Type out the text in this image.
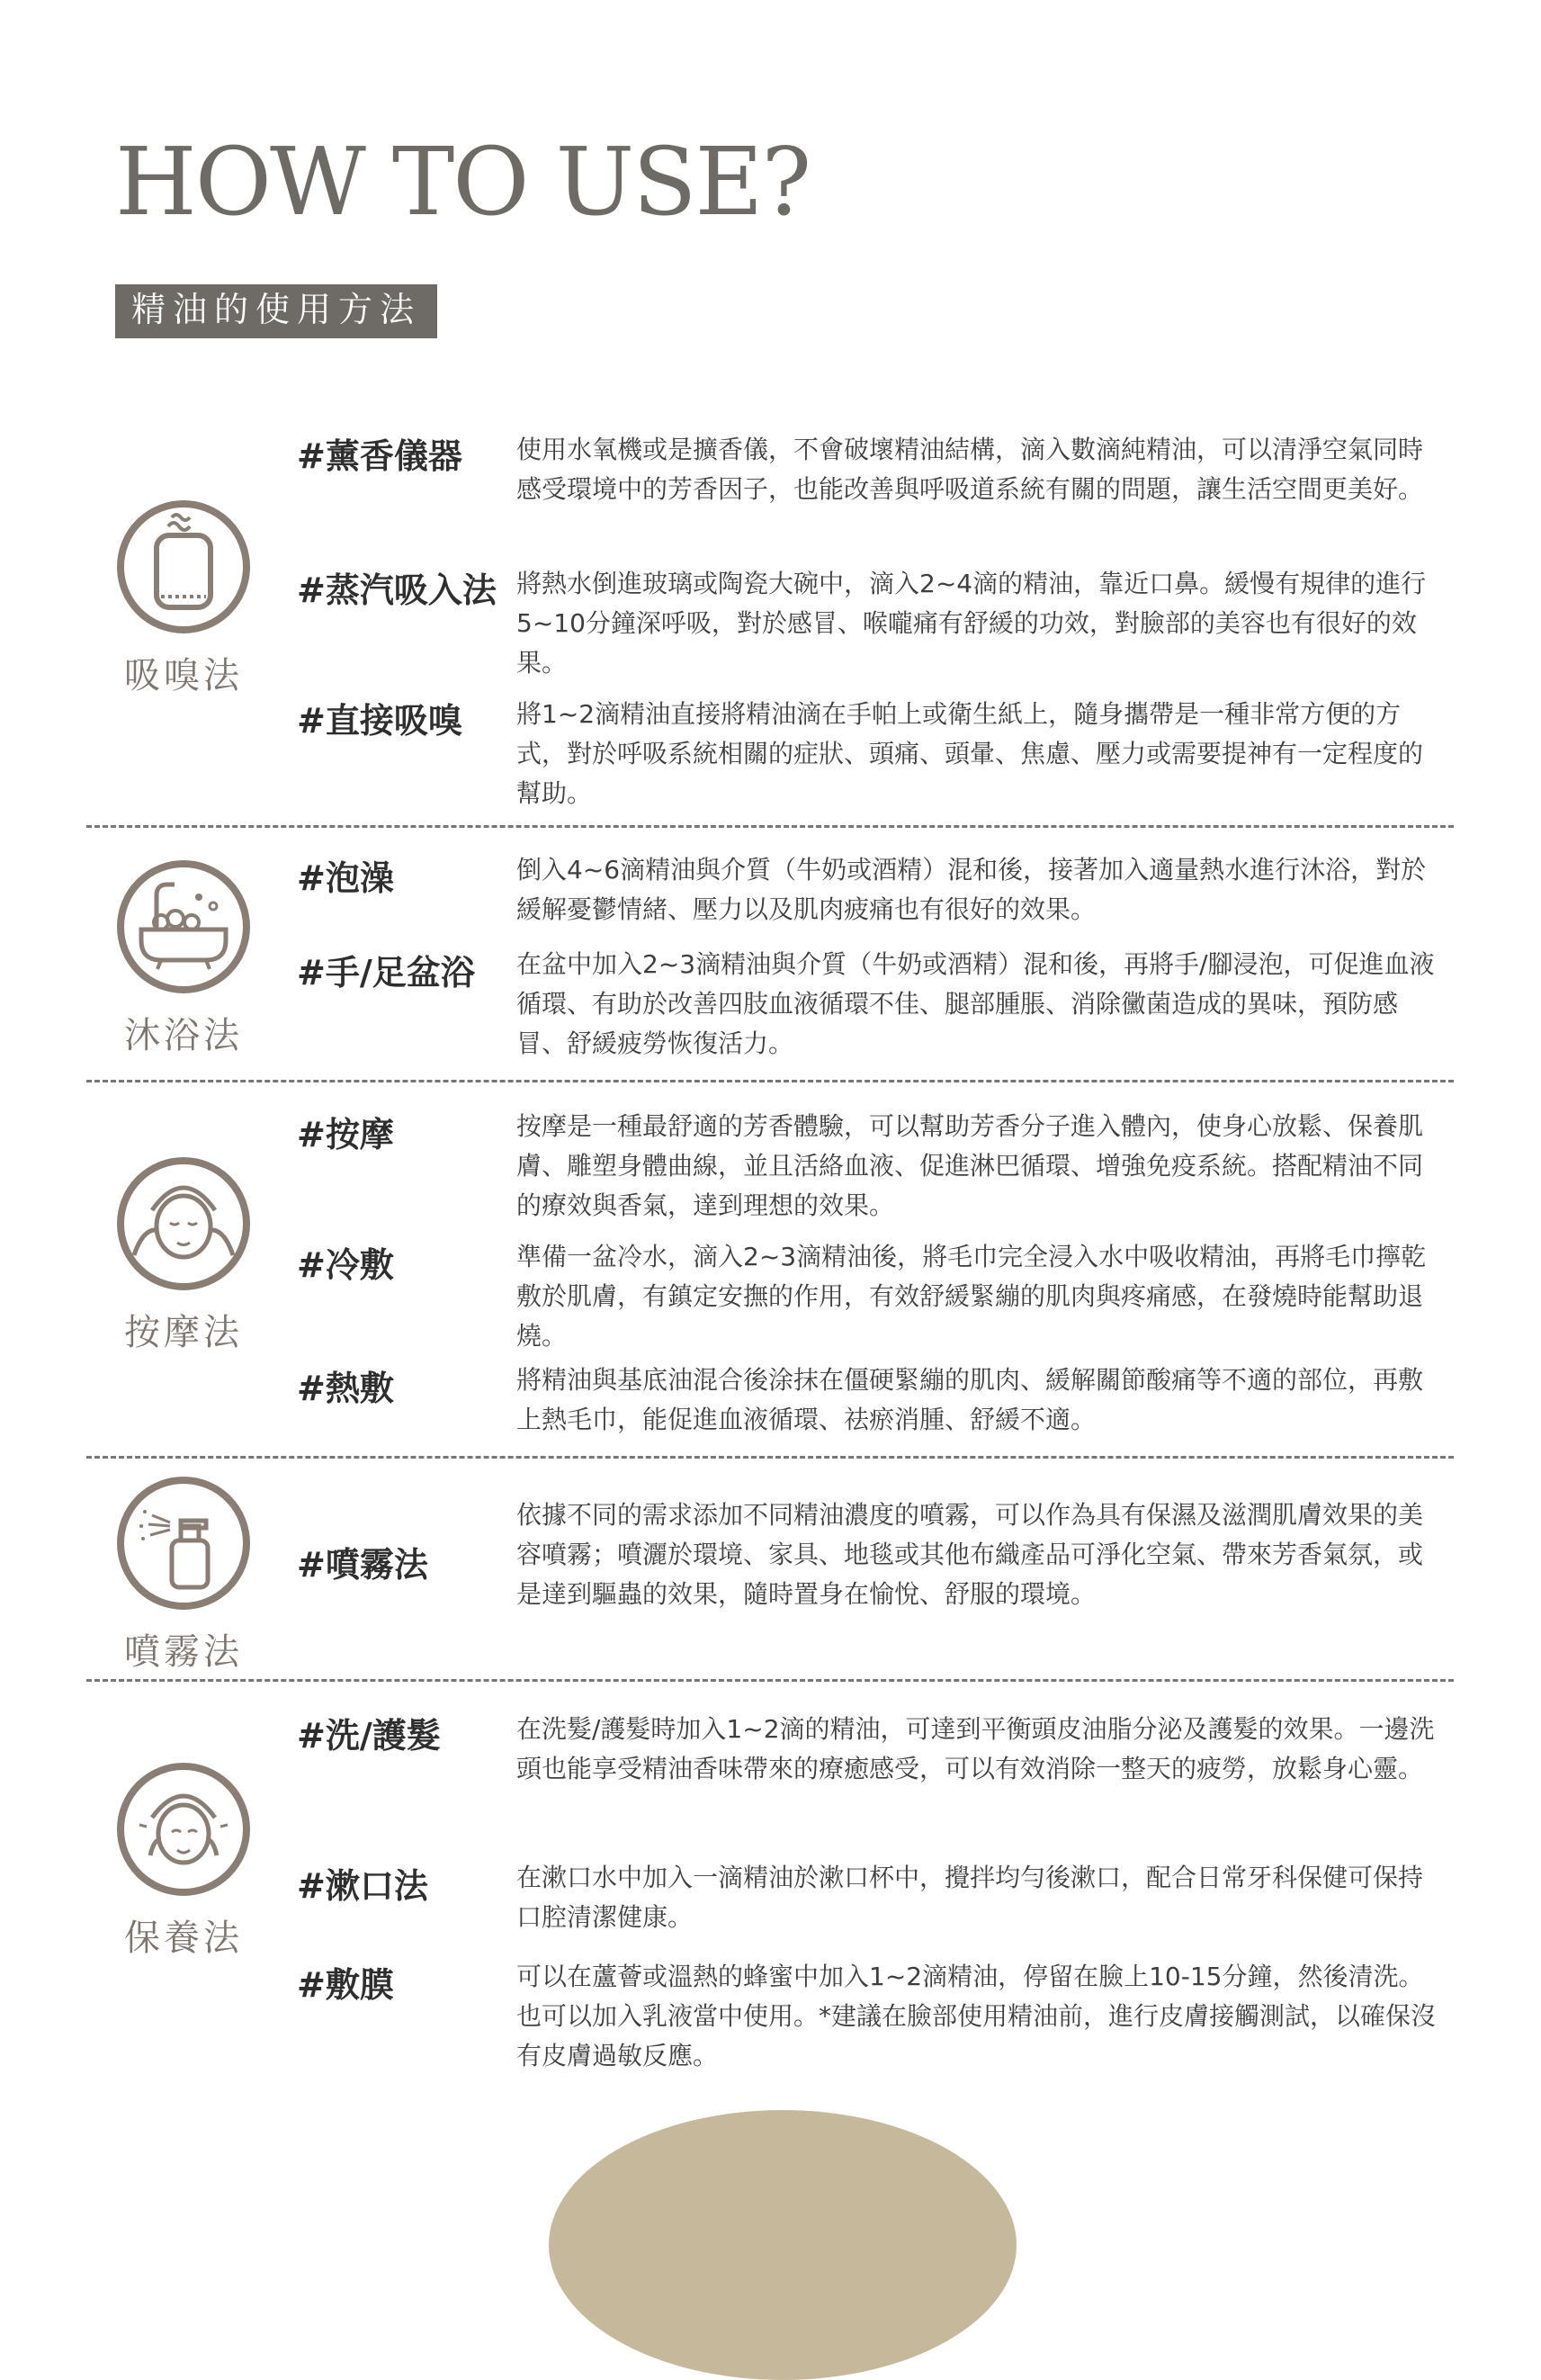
HOW TO USE?
精油的使用方法
吸嗅法
#薰香儀器 使用水氧機或是擴香儀，不會破壞精油結構，滴入數滴純精油，可以清淨空氣同時感受環境中的芳香因子，也能改善與呼吸道系統有關的問題，讓生活空間更美好。
#蒸汽吸入法 將熱水倒進玻璃或陶瓷大碗中，滴入2~4滴的精油，靠近口鼻。緩慢有規律的進行5~10分鐘深呼吸，對於感冒、喉嚨痛有舒緩的功效，對臉部的美容也有很好的效果。
#直接吸嗅 將1~2滴精油直接將精油滴在手帕上或衛生紙上，隨身攜帶是一種非常方便的方式，對於呼吸系統相關的症狀、頭痛、頭暈、焦慮、壓力或需要提神有一定程度的幫助。
沐浴法
#泡澡	倒入4~6滴精油與介質（牛奶或酒精）混和後，接著加入適量熱水進行沐浴，對於緩解憂鬱情緒、壓力以及肌肉疲痛也有很好的效果。
#手/足盆浴 在盆中加入2~3滴精油與介質（牛奶或酒精）混和後，再將手/腳浸泡，可促進血液循環、有助於改善四肢血液循環不佳、腿部腫脹、消除黴菌造成的異味，預防感冒、舒緩疲勞恢復活力。
按摩法
#按摩	按摩是一種最舒適的芳香體驗，可以幫助芳香分子進入體內，使身心放鬆、保養肌膚、雕塑身體曲線，並且活絡血液、促進淋巴循環、增強免疫系統。搭配精油不同的療效與香氣，達到理想的效果。
#冷敷	準備一盆冷水，滴入2~3滴精油後，將毛巾完全浸入水中吸收精油，再將毛巾擰乾敷於肌膚，有鎮定安撫的作用，有效舒緩緊繃的肌肉與疼痛感，在發燒時能幫助退燒。
#熱敷	將精油與基底油混合後涂抹在僵硬緊繃的肌肉、緩解關節酸痛等不適的部位，再敷上熱毛巾，能促進血液循環、祛瘀消腫、舒緩不適。
噴霧法
#噴霧法
依據不同的需求添加不同精油濃度的噴霧，可以作為具有保濕及滋潤肌膚效果的美容噴霧；噴灑於環境、家具、地毯或其他布織產品可淨化空氣、帶來芳香氣氛，或是達到驅蟲的效果，隨時置身在愉悅、舒服的環境。
保養法
#洗/護髮	在洗髮/護髮時加入1~2滴的精油，可達到平衡頭皮油脂分泌及護髮的效果。一邊洗頭也能享受精油香味帶來的療癒感受，可以有效消除一整天的疲勞，放鬆身心靈。
#漱口法	在漱口水中加入一滴精油於漱口杯中，攪拌均勻後漱口，配合日常牙科保健可保持口腔清潔健康。
#敷膜	可以在蘆薈或溫熱的蜂蜜中加入1~2滴精油，停留在臉上10-15分鐘，然後清洗。也可以加入乳液當中使用。*建議在臉部使用精油前，進行皮膚接觸測試，以確保沒有皮膚過敏反應。
